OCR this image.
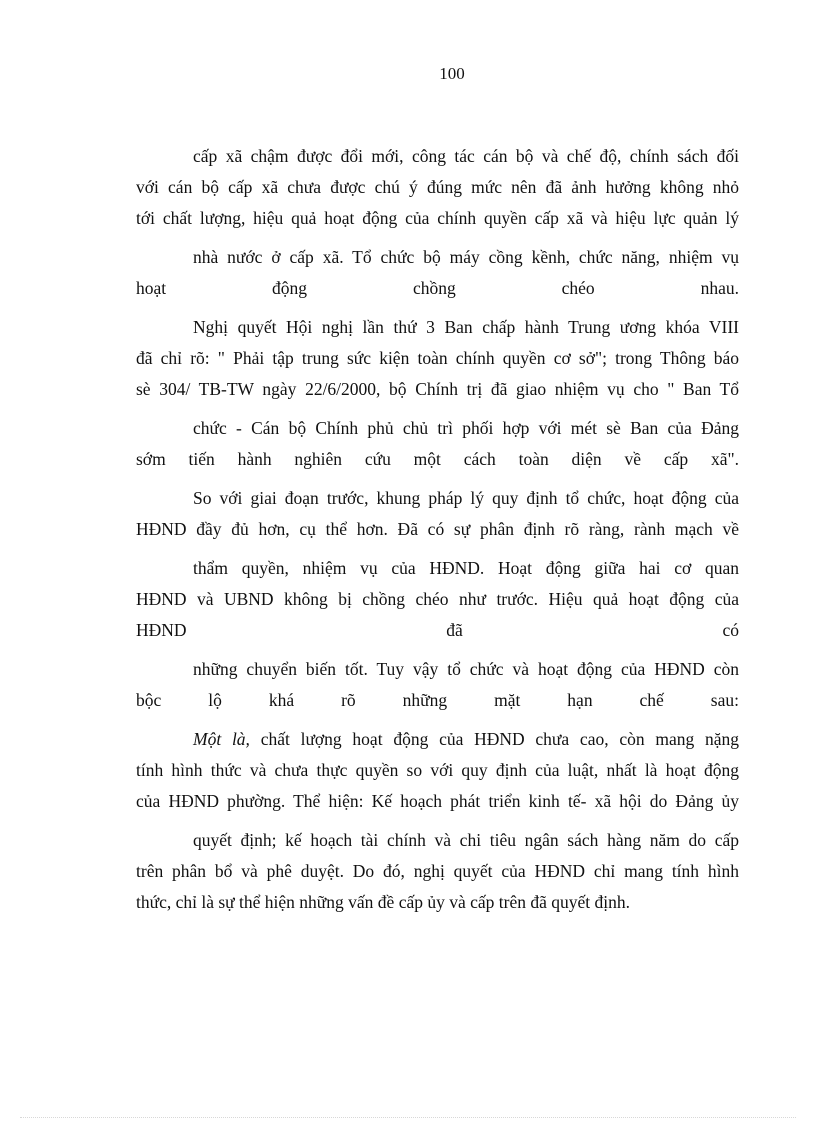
100
cấp xã chậm được đổi mới, công tác cán bộ và chế độ, chính sách đối
với cán bộ cấp xã chưa được chú ý đúng mức nên đã ảnh hưởng không nhỏ
tới chất lượng, hiệu quả hoạt động của chính quyền cấp xã và hiệu lực quản lý
nhà nước ở cấp xã. Tổ chức bộ máy cồng kềnh, chức năng, nhiệm vụ
hoạt động chồng chéo nhau.
Nghị quyết Hội nghị lần thứ 3 Ban chấp hành Trung ương khóa VIII
đã chỉ rõ: " Phải tập trung sức kiện toàn chính quyền cơ sở"; trong Thông báo
sè 304/ TB-TW ngày 22/6/2000, bộ Chính trị đã giao nhiệm vụ cho " Ban Tổ
chức - Cán bộ Chính phủ chủ trì phối hợp với mét sè Ban của Đảng
sớm tiến hành nghiên cứu một cách toàn diện về cấp xã".
So với giai đoạn trước, khung pháp lý quy định tổ chức, hoạt động của
HĐND đầy đủ hơn, cụ thể hơn. Đã có sự phân định rõ ràng, rành mạch về
thẩm quyền, nhiệm vụ của HĐND. Hoạt động giữa hai cơ quan
HĐND và UBND không bị chồng chéo như trước. Hiệu quả hoạt động của
HĐND đã có
những chuyển biến tốt. Tuy vậy tổ chức và hoạt động của HĐND còn
bộc lộ khá rõ những mặt hạn chế sau:
Một là, chất lượng hoạt động của HĐND chưa cao, còn mang nặng
tính hình thức và chưa thực quyền so với quy định của luật, nhất là hoạt động
của HĐND phường. Thể hiện: Kế hoạch phát triển kinh tế- xã hội do Đảng ủy
quyết định; kế hoạch tài chính và chi tiêu ngân sách hàng năm do cấp
trên phân bổ và phê duyệt. Do đó, nghị quyết của HĐND chỉ mang tính hình
thức, chỉ là sự thể hiện những vấn đề cấp ủy và cấp trên đã quyết định.
